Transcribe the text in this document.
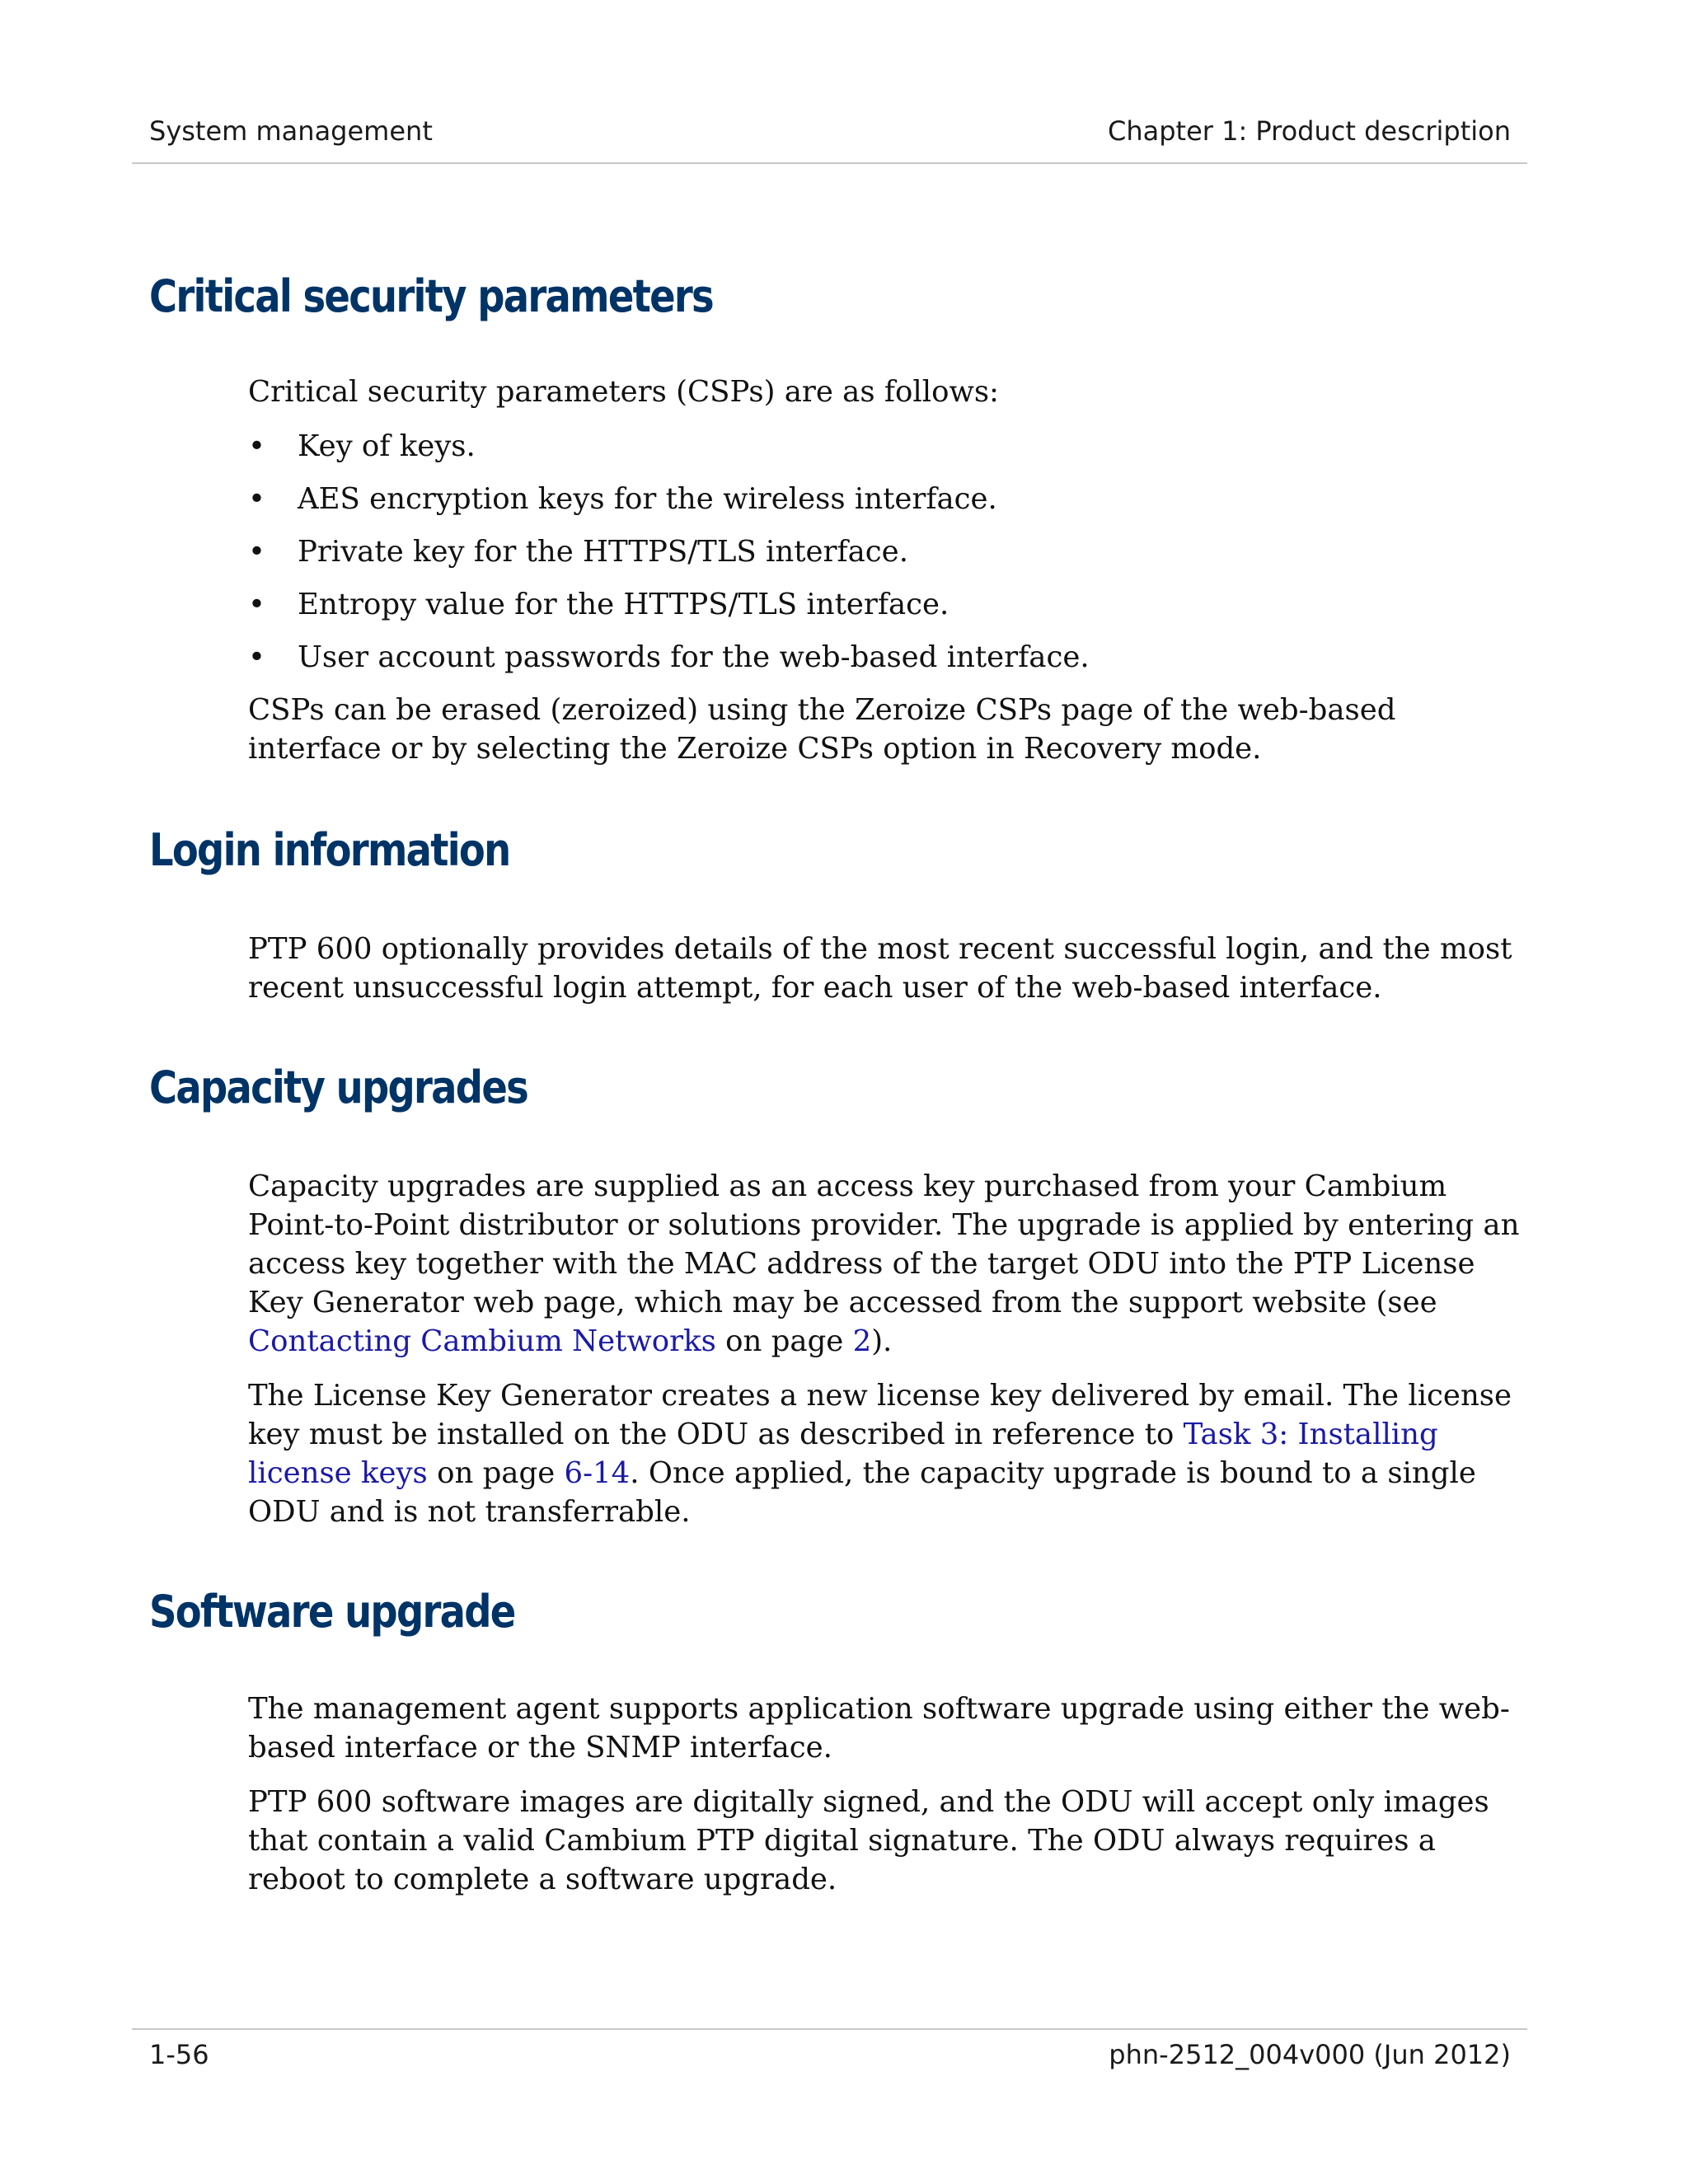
System management	Chapter 1: Product description
Critical security parameters

Critical security parameters (CSPs) are as follows:

• Key of keys.
• AES encryption keys for the wireless interface.
• Private key for the HTTPS/TLS interface.
• Entropy value for the HTTPS/TLS interface.
• User account passwords for the web-based interface.

CSPs can be erased (zeroized) using the Zeroize CSPs page of the web-based interface or by selecting the Zeroize CSPs option in Recovery mode.

Login information

PTP 600 optionally provides details of the most recent successful login, and the most recent unsuccessful login attempt, for each user of the web-based interface.

Capacity upgrades

Capacity upgrades are supplied as an access key purchased from your Cambium Point-to-Point distributor or solutions provider. The upgrade is applied by entering an access key together with the MAC address of the target ODU into the PTP License Key Generator web page, which may be accessed from the support website (see Contacting Cambium Networks on page 2).

The License Key Generator creates a new license key delivered by email. The license key must be installed on the ODU as described in reference to Task 3: Installing license keys on page 6-14. Once applied, the capacity upgrade is bound to a single ODU and is not transferrable.

Software upgrade

The management agent supports application software upgrade using either the web-based interface or the SNMP interface.

PTP 600 software images are digitally signed, and the ODU will accept only images that contain a valid Cambium PTP digital signature. The ODU always requires a reboot to complete a software upgrade.

1-56	phn-2512_004v000 (Jun 2012)
